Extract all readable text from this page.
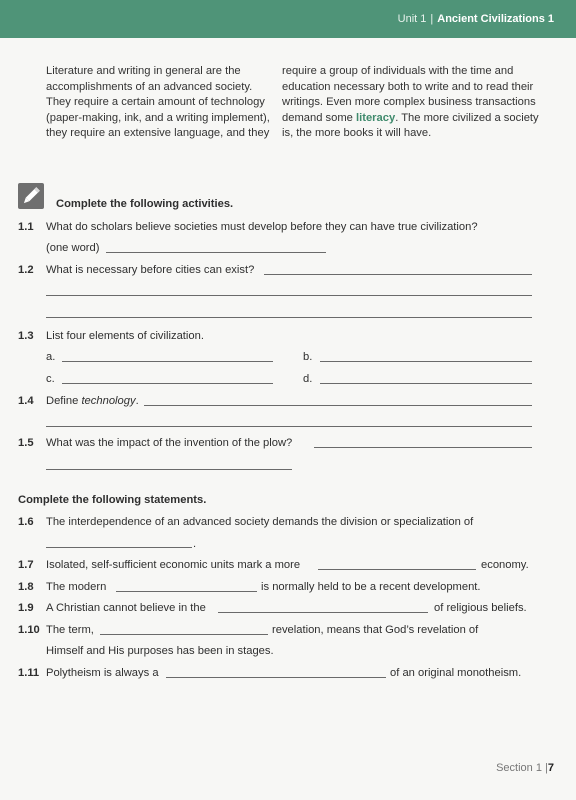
Unit 1 | Ancient Civilizations 1
Literature and writing in general are the accomplishments of an advanced society. They require a certain amount of technology (paper-making, ink, and a writing implement), they require an extensive language, and they
require a group of individuals with the time and education necessary both to write and to read their writings. Even more complex business transactions demand some literacy. The more civilized a society is, the more books it will have.
Complete the following activities.
1.1 What do scholars believe societies must develop before they can have true civilization?
(one word)
1.2 What is necessary before cities can exist?
1.3 List four elements of civilization.
a.	b.
c.	d.
1.4 Define technology.
1.5 What was the impact of the invention of the plow?
Complete the following statements.
1.6 The interdependence of an advanced society demands the division or specialization of
.
1.7 Isolated, self-sufficient economic units mark a more	economy.
1.8 The modern	is normally held to be a recent development.
1.9 A Christian cannot believe in the	of religious beliefs.
1.10 The term,	revelation, means that God’s revelation of
Himself and His purposes has been in stages.
1.11 Polytheism is always a	of an original monotheism.
Section 1 |7
